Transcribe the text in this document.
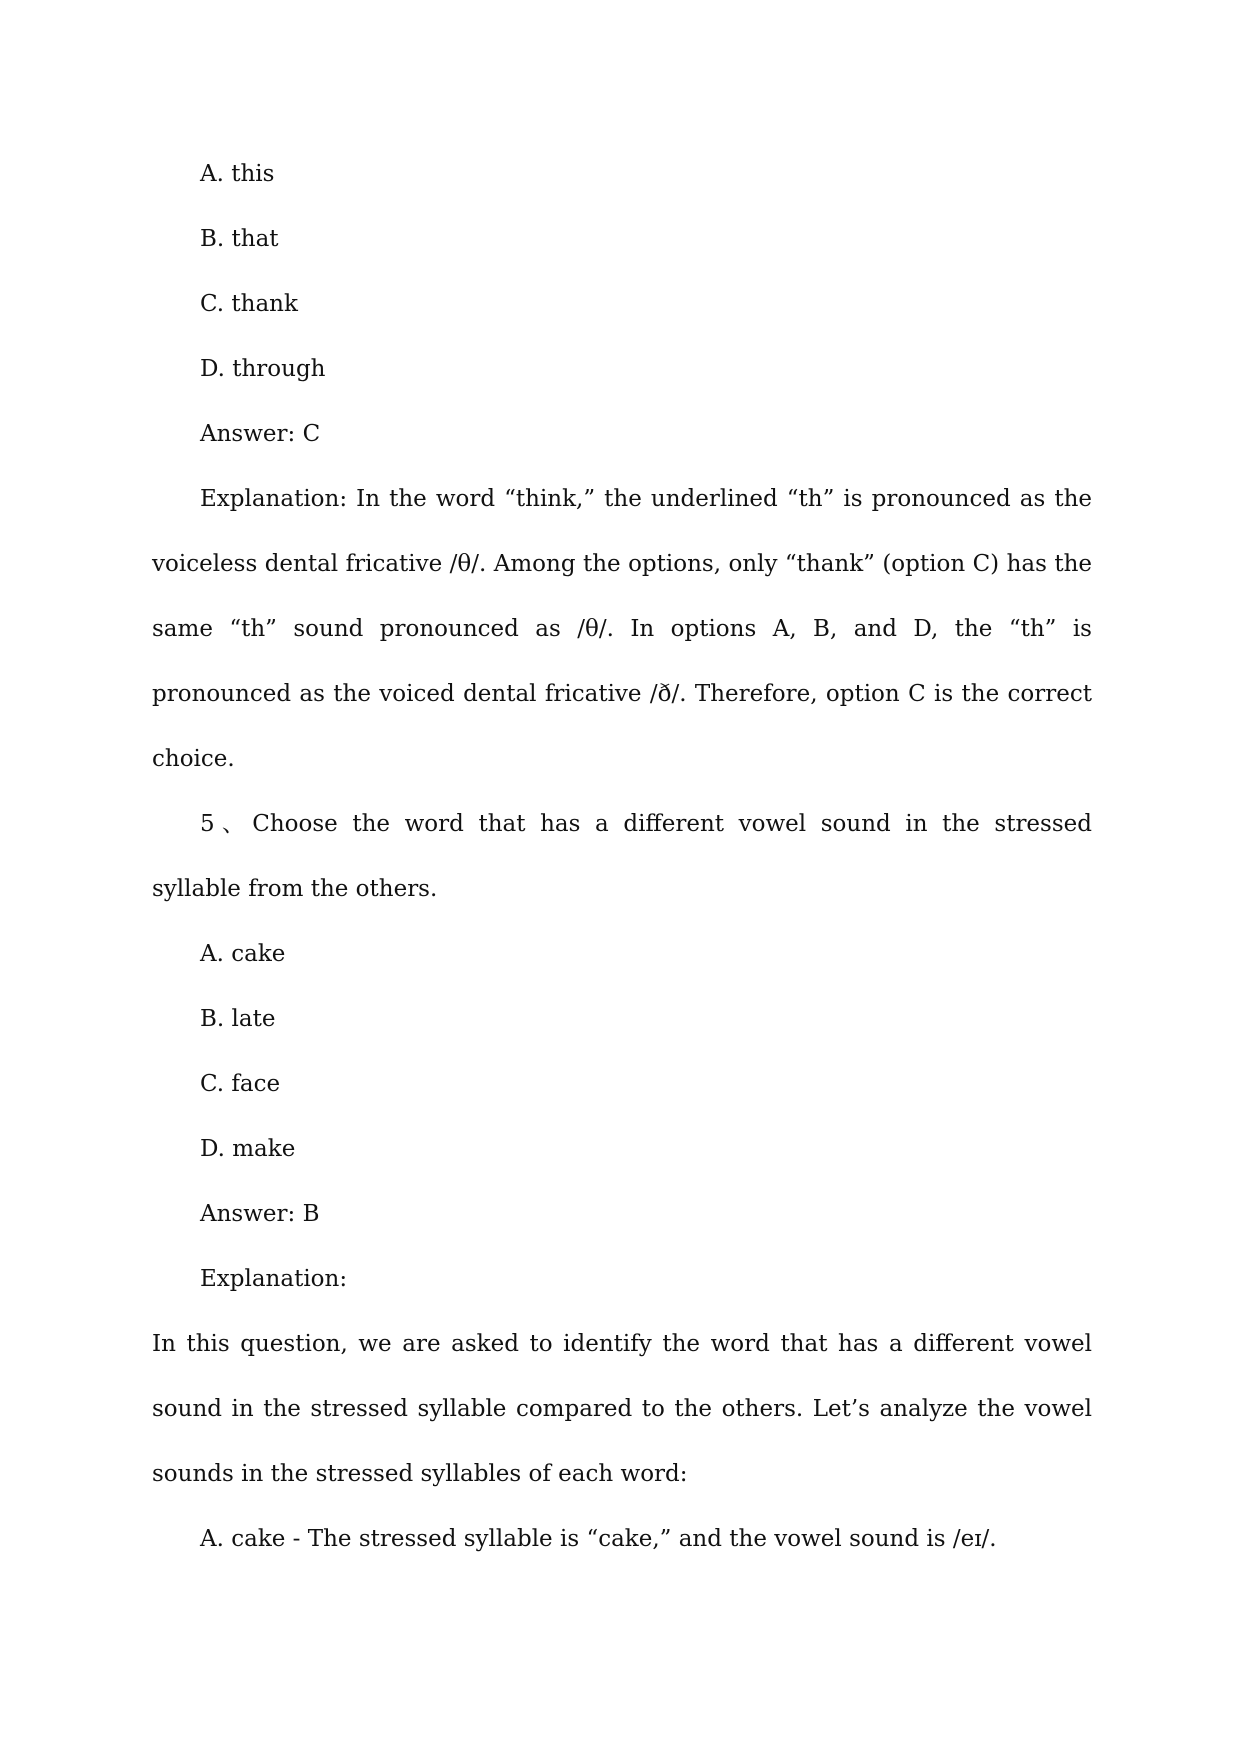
A. this
B. that
C. thank
D. through
Answer: C
Explanation: In the word “think,” the underlined “th” is pronounced as the voiceless dental fricative /θ/. Among the options, only “thank” (option C) has the same “th” sound pronounced as /θ/. In options A, B, and D, the “th” is pronounced as the voiced dental fricative /ð/. Therefore, option C is the correct choice.
5、Choose the word that has a different vowel sound in the stressed syllable from the others.
A. cake
B. late
C. face
D. make
Answer: B
Explanation:
In this question, we are asked to identify the word that has a different vowel sound in the stressed syllable compared to the others. Let’s analyze the vowel sounds in the stressed syllables of each word:
A. cake - The stressed syllable is “cake,” and the vowel sound is /eɪ/.
